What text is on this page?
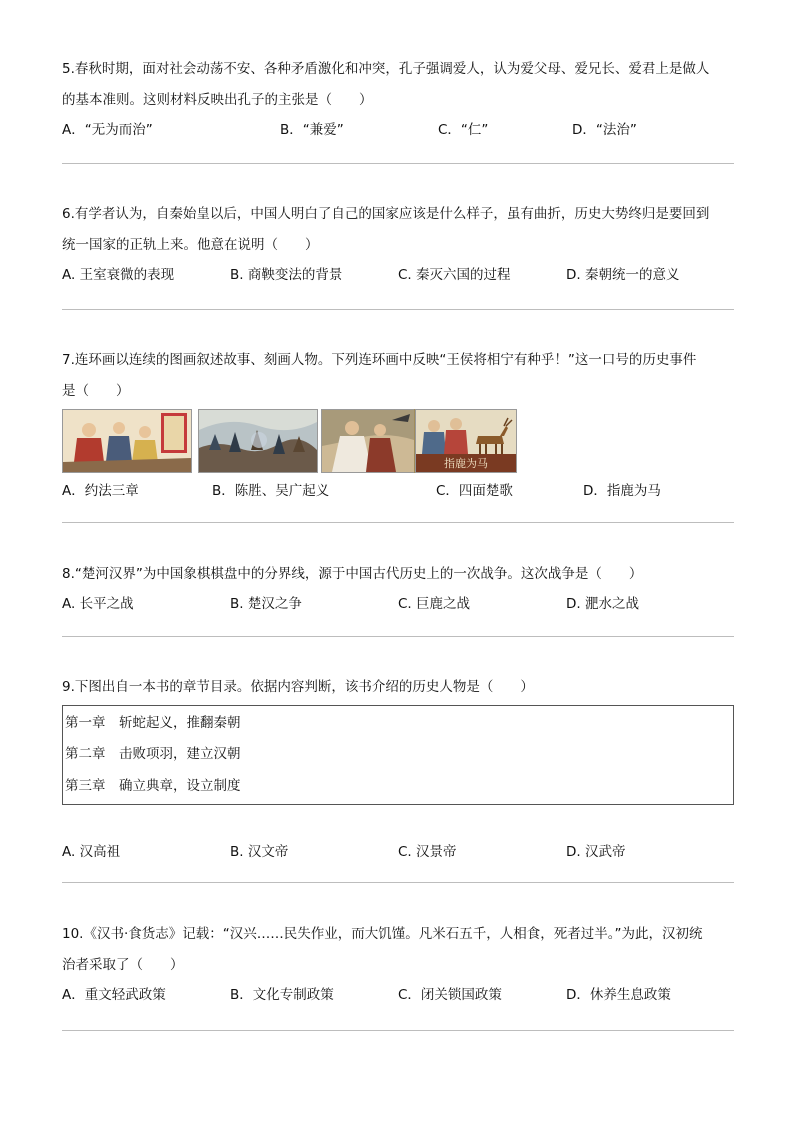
5.春秋时期，面对社会动荡不安、各种矛盾激化和冲突，孔子强调爱人，认为爱父母、爱兄长、爱君上是做人

的基本准则。这则材料反映出孔子的主张是（　　）

A．“无为而治”	B．“兼爱”	C．“仁”	D．“法治”

6.有学者认为，自秦始皇以后，中国人明白了自己的国家应该是什么样子，虽有曲折，历史大势终归是要回到

统一国家的正轨上来。他意在说明（　　）

A. 王室衰微的表现	B. 商鞅变法的背景	C. 秦灭六国的过程	D. 秦朝统一的意义

7.连环画以连续的图画叙述故事、刻画人物。下列连环画中反映“王侯将相宁有种乎！”这一口号的历史事件

是（　　）

指鹿为马
A．约法三章	B．陈胜、吴广起义	C．四面楚歌	D．指鹿为马

8.“楚河汉界”为中国象棋棋盘中的分界线，源于中国古代历史上的一次战争。这次战争是（　　）

A. 长平之战	B. 楚汉之争	C. 巨鹿之战	D. 淝水之战

9.下图出自一本书的章节目录。依据内容判断，该书介绍的历史人物是（　　）

第一章　斩蛇起义，推翻秦朝
第二章　击败项羽，建立汉朝
第三章　确立典章，设立制度
A. 汉高祖	B. 汉文帝	C. 汉景帝	D. 汉武帝

10.《汉书·食货志》记载：“汉兴……民失作业，而大饥馑。凡米石五千，人相食，死者过半。”为此，汉初统

治者采取了（　　）

A．重文轻武政策	B．文化专制政策	C．闭关锁国政策	D．休养生息政策
